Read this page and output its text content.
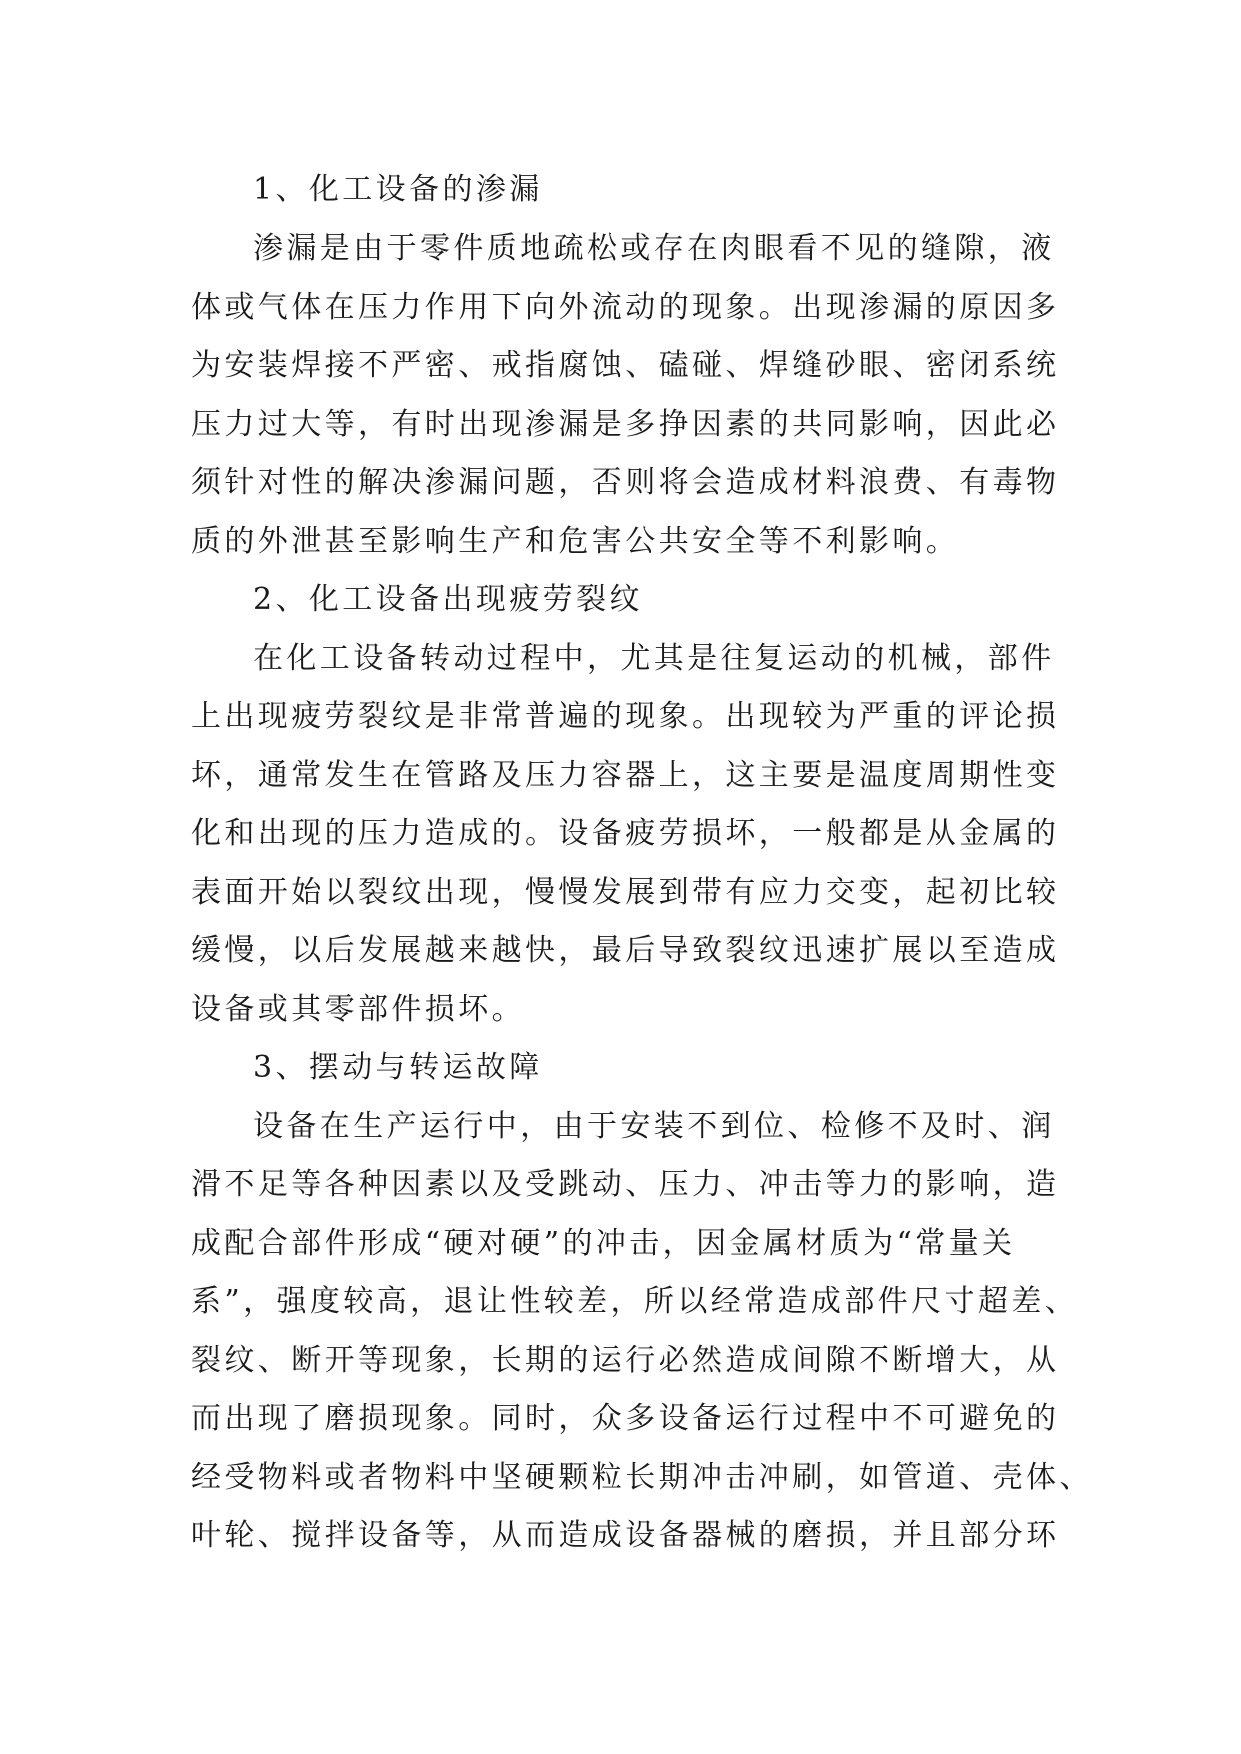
1、化工设备的渗漏
渗漏是由于零件质地疏松或存在肉眼看不见的缝隙，液
体或气体在压力作用下向外流动的现象。出现渗漏的原因多
为安装焊接不严密、戒指腐蚀、磕碰、焊缝砂眼、密闭系统
压力过大等，有时出现渗漏是多挣因素的共同影响，因此必
须针对性的解决渗漏问题，否则将会造成材料浪费、有毒物
质的外泄甚至影响生产和危害公共安全等不利影响。
2、化工设备出现疲劳裂纹
在化工设备转动过程中，尤其是往复运动的机械，部件
上出现疲劳裂纹是非常普遍的现象。出现较为严重的评论损
坏，通常发生在管路及压力容器上，这主要是温度周期性变
化和出现的压力造成的。设备疲劳损坏，一般都是从金属的
表面开始以裂纹出现，慢慢发展到带有应力交变，起初比较
缓慢，以后发展越来越快，最后导致裂纹迅速扩展以至造成
设备或其零部件损坏。
3、摆动与转运故障
设备在生产运行中，由于安装不到位、检修不及时、润
滑不足等各种因素以及受跳动、压力、冲击等力的影响，造
成配合部件形成“硬对硬”的冲击，因金属材质为“常量关
系”，强度较高，退让性较差，所以经常造成部件尺寸超差、
裂纹、断开等现象，长期的运行必然造成间隙不断增大，从
而出现了磨损现象。同时，众多设备运行过程中不可避免的
经受物料或者物料中坚硬颗粒长期冲击冲刷，如管道、壳体、
叶轮、搅拌设备等，从而造成设备器械的磨损，并且部分环
